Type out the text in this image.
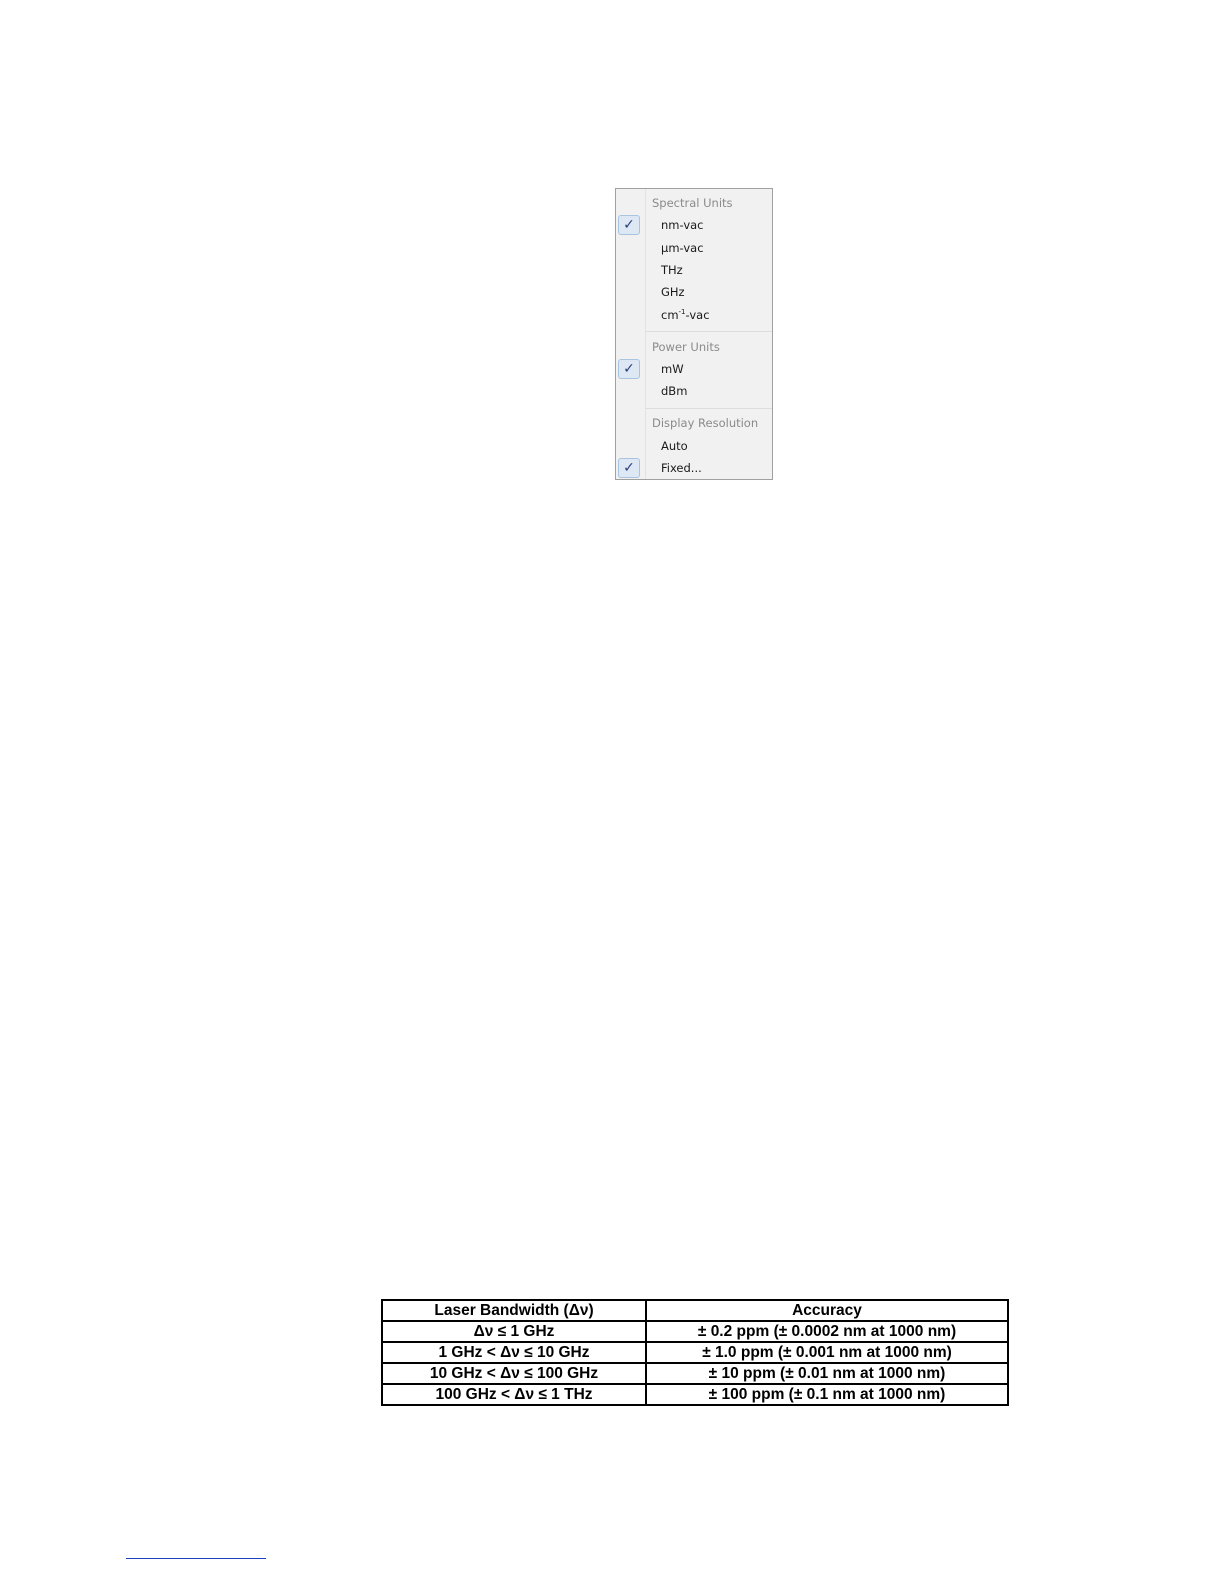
Spectral Units
✓	nm-vac
µm-vac
THz
GHz
$cm^{-1}$-vac
Power Units
✓	mW
dBm
Display Resolution
Auto
✓	Fixed...
Laser Bandwidth (Δν)	Accuracy
Δν ≤ 1 GHz	± 0.2 ppm (± 0.0002 nm at 1000 nm)
1 GHz < Δν ≤ 10 GHz	± 1.0 ppm (± 0.001 nm at 1000 nm)
10 GHz < Δν ≤ 100 GHz	± 10 ppm (± 0.01 nm at 1000 nm)
100 GHz < Δν ≤ 1 THz	± 100 ppm (± 0.1 nm at 1000 nm)
